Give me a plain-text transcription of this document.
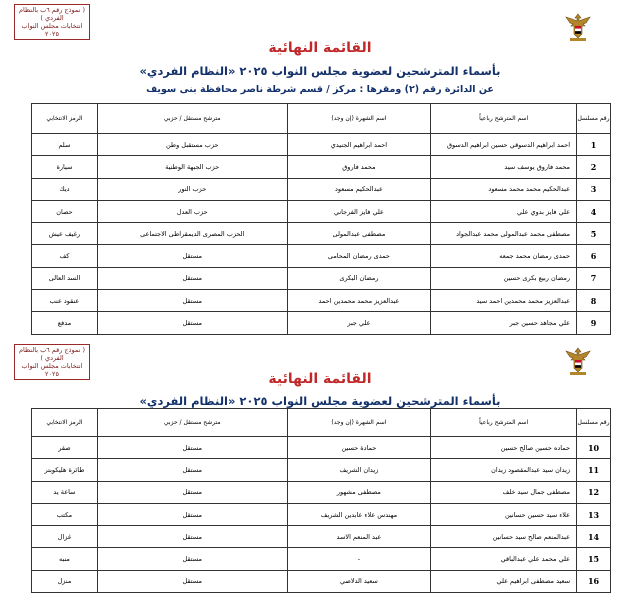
( نموذج رقم ٦ب بالنظام الفردي )
انتخابات مجلس النواب ٢٠٢٥
القائمة النهائية
بأسماء المترشحين لعضوية مجلس النواب ٢٠٢٥ «النظام الفردي»
عن الدائرة رقم (٢) ومقرها : مركز / قسم شرطة ناصر محافظة بنى سويف
رقم مسلسل	اسم المترشح رباعياً	اسم الشهرة (إن وجد)	مترشح مستقل / حزبي	الرمز الانتخابي
1	احمد ابراهيم الدسوقي حسين ابراهيم الدسوق	احمد ابراهيم الجنيدي	حزب مستقبل وطن	سلم
2	محمد فاروق يوسف سيد	محمد فاروق	حزب الجبهة الوطنية	سيارة
3	عبدالحكيم محمد محمد مسعود	عبدالحكيم مسعود	حزب النور	ديك
4	علي فايز بدوي علي	علي فايز الفرجاني	حزب العدل	حصان
5	مصطفى محمد عبدالمولى محمد عبدالجواد	مصطفى عبدالمولى	الحزب المصرى الديمقراطى الاجتماعى	رغيف عيش
6	حمدى رمضان محمد جمعه	حمدى رمضان المحامى	مستقل	كف
7	رمضان ربيع بكرى حسين	رمضان البكرى	مستقل	السد العالى
8	عبدالعزيز محمد محمدين احمد سيد	عبدالعزيز محمد محمدين احمد	مستقل	عنقود عنب
9	علي مجاهد حسين جبر	علي جبر	مستقل	مدفع
( نموذج رقم ٦ب بالنظام الفردي )
انتخابات مجلس النواب ٢٠٢٥	القائمة النهائية
بأسماء المترشحين لعضوية مجلس النواب ٢٠٢٥ «النظام الفردي»
رقم مسلسل	اسم المترشح رباعياً	اسم الشهرة (إن وجد)	مترشح مستقل / حزبي	الرمز الانتخابي
10	حماده حسين صالح حسين	حمادة حسين	مستقل	صقر
11	زيدان سيد عبدالمقصود زيدان	زيدان الشريف	مستقل	طائرة هليكوبتر
12	مصطفى جمال سيد خلف	مصطفى مشهور	مستقل	ساعة يد
13	علاء سيد حسين حسانين	مهندس علاء عابدين الشريف	مستقل	مكتب
14	عبدالمنعم صالح سيد حسانين	عبد المنعم الاسد	مستقل	غزال
15	علي محمد علي عبدالباقي	-	مستقل	منبه
16	سعيد مصطفى ابراهيم علي	سعيد الدلاصي	مستقل	منزل
